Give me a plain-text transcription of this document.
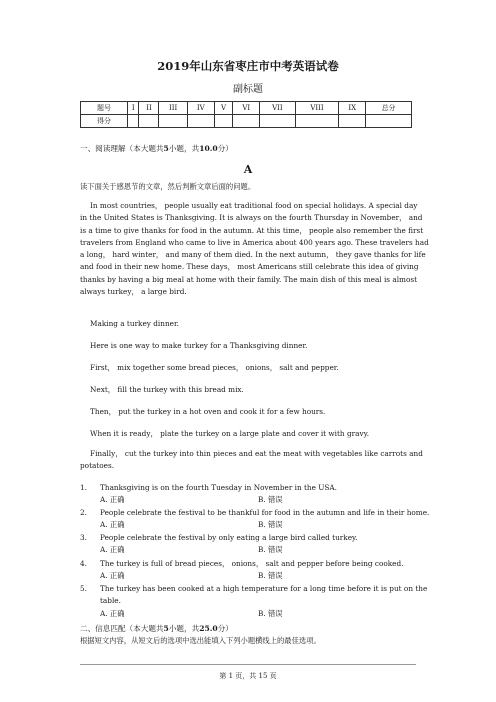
2019年山东省枣庄市中考英语试卷
副标题
题号	I	II	III	IV	V	VI	VII	VIII	IX	总分
得分										
一、阅读理解（本大题共5小题，共10.0分）
A
读下面关于感恩节的文章，然后判断文章后面的问题。
In most countries， people usually eat traditional food on special holidays. A special day
in the United States is Thanksgiving. It is always on the fourth Thursday in November， and
is a time to give thanks for food in the autumn. At this time， people also remember the first
travelers from England who came to live in America about 400 years ago. These travelers had
a long， hard winter， and many of them died. In the next autumn， they gave thanks for life
and food in their new home. These days， most Americans still celebrate this idea of giving
thanks by having a big meal at home with their family. The main dish of this meal is almost
always turkey， a large bird.
Making a turkey dinner.
Here is one way to make turkey for a Thanksgiving dinner.
First， mix together some bread pieces， onions， salt and pepper.
Next， fill the turkey with this bread mix.
Then， put the turkey in a hot oven and cook it for a few hours.
When it is ready， plate the turkey on a large plate and cover it with gravy.
Finally， cut the turkey into thin pieces and eat the meat with vegetables like carrots and
potatoes.
1. Thanksgiving is on the fourth Tuesday in November in the USA.
A. 正确	B. 错误
2. People celebrate the festival to be thankful for food in the autumn and life in their home.
A. 正确	B. 错误
3. People celebrate the festival by only eating a large bird called turkey.
A. 正确	B. 错误
4. The turkey is full of bread pieces， onions， salt and pepper before being cooked.
A. 正确	B. 错误
5. The turkey has been cooked at a high temperature for a long time before it is put on the
table.
A. 正确	B. 错误
二、信息匹配（本大题共5小题，共25.0分）
根据短文内容，从短文后的选项中选出能填入下列小题横线上的最佳选项。
第 1 页，共 15 页
